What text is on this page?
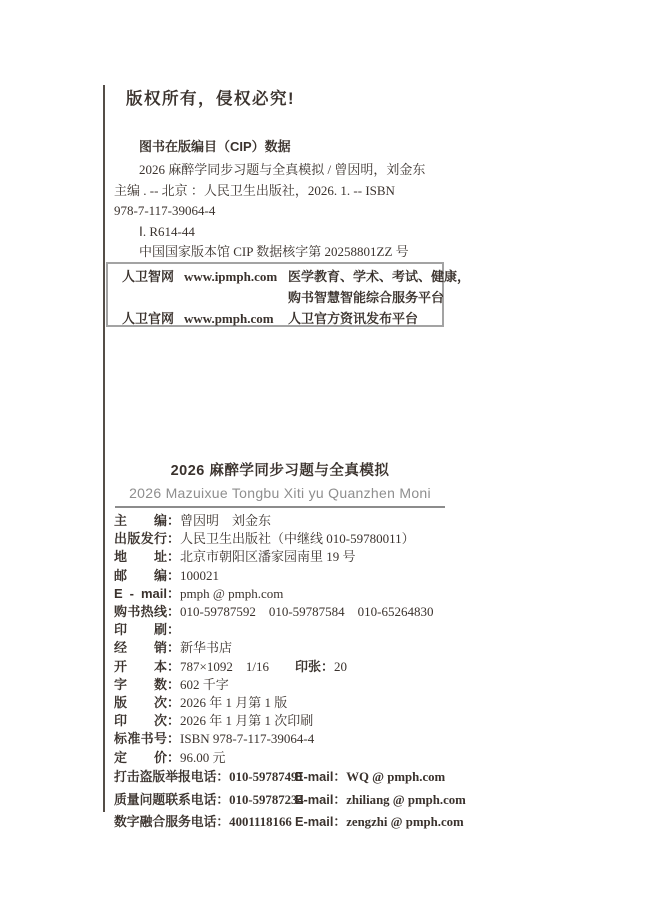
版权所有，侵权必究!
图书在版编目（CIP）数据
2026 麻醉学同步习题与全真模拟 / 曾因明，刘金东
主编 . -- 北京 ：人民卫生出版社，2026. 1. -- ISBN
978-7-117-39064-4
Ⅰ. R614-44
中国国家版本馆 CIP 数据核字第 20258801ZZ 号
人卫智网 www.ipmph.com 医学教育、学术、考试、健康，
购书智慧智能综合服务平台
人卫官网 www.pmph.com 人卫官方资讯发布平台
2026 麻醉学同步习题与全真模拟
2026 Mazuixue Tongbu Xiti yu Quanzhen Moni
主编：曾因明　刘金东
出版发行：人民卫生出版社（中继线 010-59780011）
地址：北京市朝阳区潘家园南里 19 号
邮编：100021
E - mail：pmph @ pmph.com
购书热线：010-59787592　010-59787584　010-65264830
印刷：
经销：新华书店
开本：787×1092　1/16 印张：20
字数：602 千字
版次：2026 年 1 月第 1 版
印次：2026 年 1 月第 1 次印刷
标准书号：ISBN 978-7-117-39064-4
定价：96.00 元
打击盗版举报电话：010-59787491E-mail：WQ @ pmph.com
质量问题联系电话：010-59787234E-mail：zhiliang @ pmph.com
数字融合服务电话：4001118166 E-mail：zengzhi @ pmph.com
